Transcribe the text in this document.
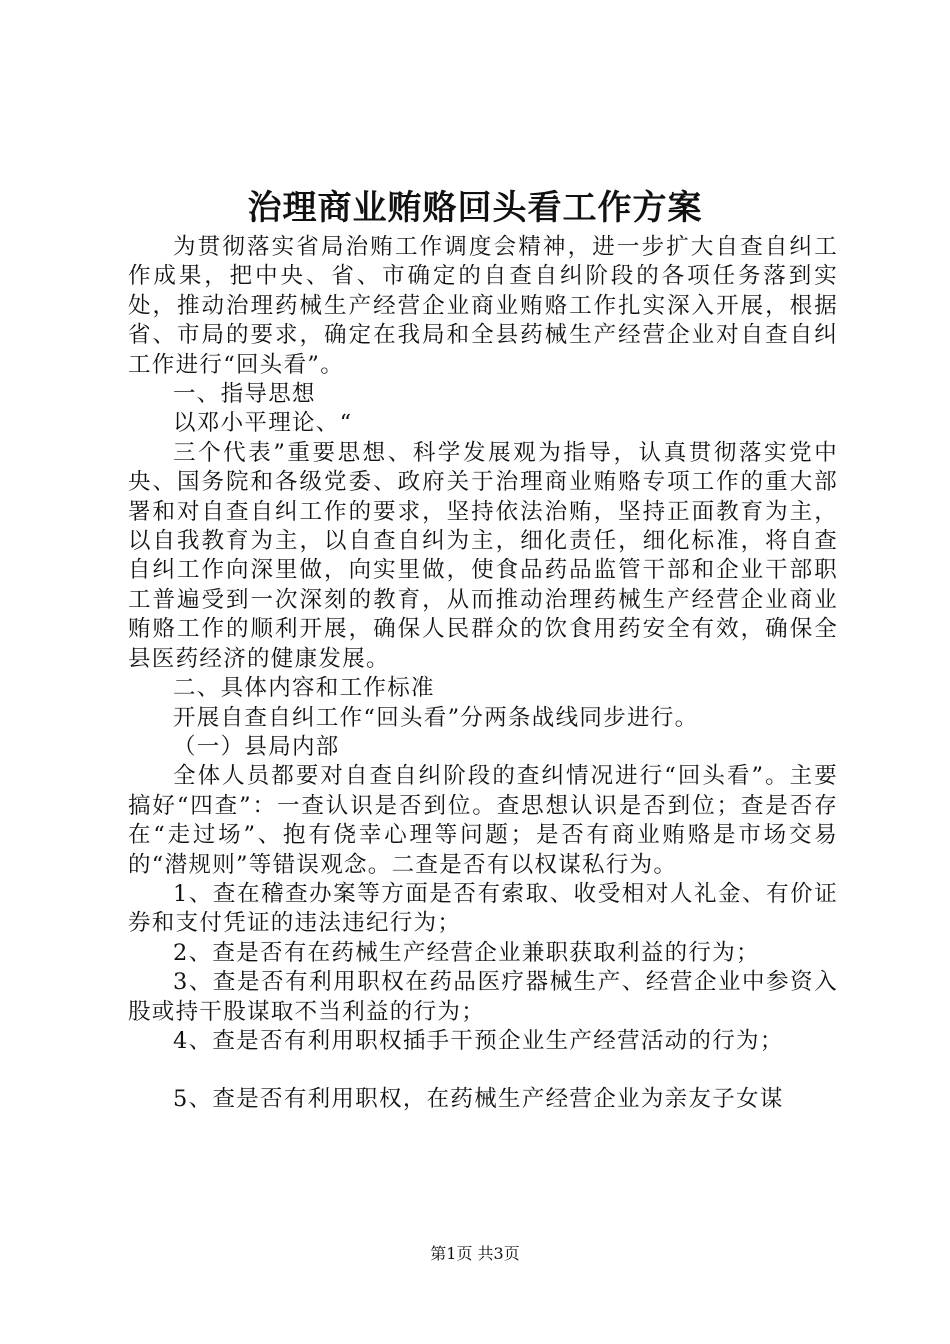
治理商业贿赂回头看工作方案

为贯彻落实省局治贿工作调度会精神，进一步扩大自查自纠工作成果，把中央、省、市确定的自查自纠阶段的各项任务落到实处，推动治理药械生产经营企业商业贿赂工作扎实深入开展，根据省、市局的要求，确定在我局和全县药械生产经营企业对自查自纠工作进行“回头看”。

一、指导思想

以邓小平理论、“

三个代表”重要思想、科学发展观为指导，认真贯彻落实党中央、国务院和各级党委、政府关于治理商业贿赂专项工作的重大部署和对自查自纠工作的要求，坚持依法治贿，坚持正面教育为主，以自我教育为主，以自查自纠为主，细化责任，细化标准，将自查自纠工作向深里做，向实里做，使食品药品监管干部和企业干部职工普遍受到一次深刻的教育，从而推动治理药械生产经营企业商业贿赂工作的顺利开展，确保人民群众的饮食用药安全有效，确保全县医药经济的健康发展。

二、具体内容和工作标准

开展自查自纠工作“回头看”分两条战线同步进行。

（一）县局内部

全体人员都要对自查自纠阶段的查纠情况进行“回头看”。主要搞好“四查”：一查认识是否到位。查思想认识是否到位；查是否存在“走过场”、抱有侥幸心理等问题；是否有商业贿赂是市场交易的“潜规则”等错误观念。二查是否有以权谋私行为。

1、查在稽查办案等方面是否有索取、收受相对人礼金、有价证券和支付凭证的违法违纪行为；

2、查是否有在药械生产经营企业兼职获取利益的行为；

3、查是否有利用职权在药品医疗器械生产、经营企业中参资入股或持干股谋取不当利益的行为；

4、查是否有利用职权插手干预企业生产经营活动的行为；

5、查是否有利用职权，在药械生产经营企业为亲友子女谋

第1页 共3页
